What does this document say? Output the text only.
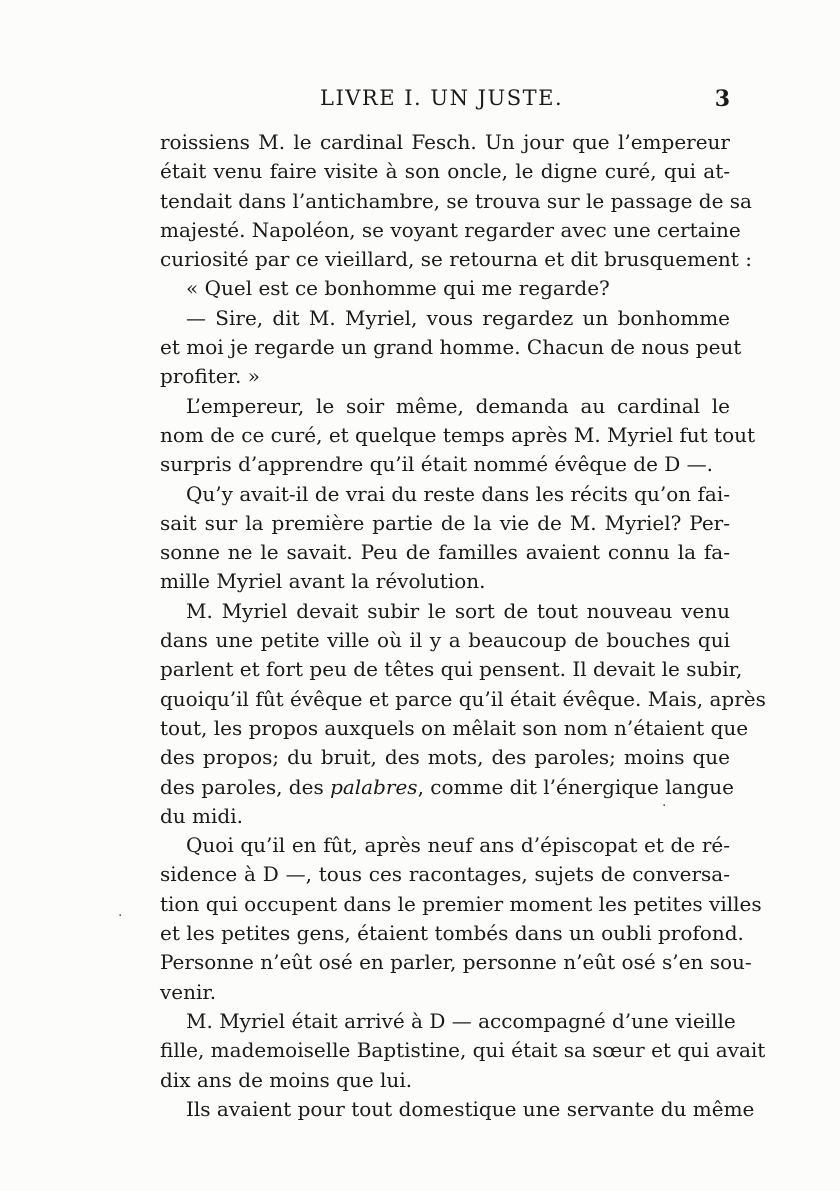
LIVRE I. UN JUSTE.	3
roissiens M. le cardinal Fesch. Un jour que l’empereur
était venu faire visite à son oncle, le digne curé, qui at-
tendait dans l’antichambre, se trouva sur le passage de sa
majesté. Napoléon, se voyant regarder avec une certaine
curiosité par ce vieillard, se retourna et dit brusquement :
« Quel est ce bonhomme qui me regarde?
— Sire, dit M. Myriel, vous regardez un bonhomme
et moi je regarde un grand homme. Chacun de nous peut
profiter. »
L’empereur, le soir même, demanda au cardinal le
nom de ce curé, et quelque temps après M. Myriel fut tout
surpris d’apprendre qu’il était nommé évêque de D —.
Qu’y avait-il de vrai du reste dans les récits qu’on fai-
sait sur la première partie de la vie de M. Myriel? Per-
sonne ne le savait. Peu de familles avaient connu la fa-
mille Myriel avant la révolution.
M. Myriel devait subir le sort de tout nouveau venu
dans une petite ville où il y a beaucoup de bouches qui
parlent et fort peu de têtes qui pensent. Il devait le subir,
quoiqu’il fût évêque et parce qu’il était évêque. Mais, après
tout, les propos auxquels on mêlait son nom n’étaient que
des propos; du bruit, des mots, des paroles; moins que
des paroles, des palabres, comme dit l’énergique langue
du midi.
Quoi qu’il en fût, après neuf ans d’épiscopat et de ré-
sidence à D —, tous ces racontages, sujets de conversa-
tion qui occupent dans le premier moment les petites villes
et les petites gens, étaient tombés dans un oubli profond.
Personne n’eût osé en parler, personne n’eût osé s’en sou-
venir.
M. Myriel était arrivé à D — accompagné d’une vieille
fille, mademoiselle Baptistine, qui était sa sœur et qui avait
dix ans de moins que lui.
Ils avaient pour tout domestique une servante du même
·
·
